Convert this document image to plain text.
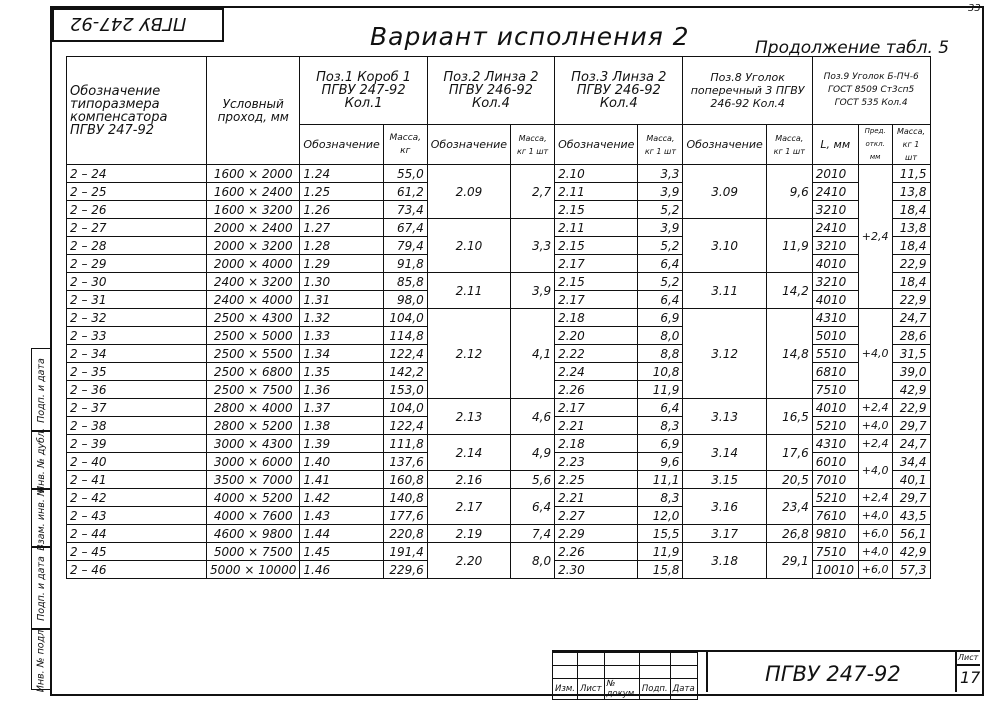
33
ПГВУ 247-92	Вариант исполнения 2	Продолжение табл. 5
Подп. и дата
Инв. № дубл.
Взам. инв. №
Подп. и дата
Инв. № подл.
Обозначение типоразмера компенсатора ПГВУ 247-92	Условный проход, мм	Поз.1 Короб 1 ПГВУ 247-92 Кол.1		Поз.2 Линза 2 ПГВУ 246-92 Кол.4		Поз.3 Линза 2 ПГВУ 246-92 Кол.4		Поз.8 Уголок поперечный 3 ПГВУ 246-92 Кол.4		Поз.9 Уголок Б-ПЧ-6 ГОСТ 8509 Ст3сп5 ГОСТ 535 Кол.4		
		Обозначение	Масса, кг	Обозначение	Масса, кг 1 шт	Обозначение	Масса, кг 1 шт	Обозначение	Масса, кг 1 шт	L, мм	Пред. откл. мм	Масса, кг 1 шт
2 – 24	1600 × 2000	1.24	55,0	2.09	2,7	2.10	3,3	3.09	9,6	2010	+2,4	11,5
2 – 25	1600 × 2400	1.25	61,2			2.11	3,9			2410		13,8
2 – 26	1600 × 3200	1.26	73,4			2.15	5,2			3210		18,4
2 – 27	2000 × 2400	1.27	67,4	2.10	3,3	2.11	3,9	3.10	11,9	2410		13,8
2 – 28	2000 × 3200	1.28	79,4			2.15	5,2			3210		18,4
2 – 29	2000 × 4000	1.29	91,8			2.17	6,4			4010		22,9
2 – 30	2400 × 3200	1.30	85,8	2.11	3,9	2.15	5,2	3.11	14,2	3210		18,4
2 – 31	2400 × 4000	1.31	98,0			2.17	6,4			4010		22,9
2 – 32	2500 × 4300	1.32	104,0	2.12	4,1	2.18	6,9	3.12	14,8	4310	+4,0	24,7
2 – 33	2500 × 5000	1.33	114,8			2.20	8,0			5010		28,6
2 – 34	2500 × 5500	1.34	122,4			2.22	8,8			5510		31,5
2 – 35	2500 × 6800	1.35	142,2			2.24	10,8			6810		39,0
2 – 36	2500 × 7500	1.36	153,0			2.26	11,9			7510		42,9
2 – 37	2800 × 4000	1.37	104,0	2.13	4,6	2.17	6,4	3.13	16,5	4010	+2,4	22,9
2 – 38	2800 × 5200	1.38	122,4			2.21	8,3			5210	+4,0	29,7
2 – 39	3000 × 4300	1.39	111,8	2.14	4,9	2.18	6,9	3.14	17,6	4310	+2,4	24,7
2 – 40	3000 × 6000	1.40	137,6			2.23	9,6			6010	+4,0	34,4
2 – 41	3500 × 7000	1.41	160,8	2.16	5,6	2.25	11,1	3.15	20,5	7010		40,1
2 – 42	4000 × 5200	1.42	140,8	2.17	6,4	2.21	8,3	3.16	23,4	5210	+2,4	29,7
2 – 43	4000 × 7600	1.43	177,6			2.27	12,0			7610	+4,0	43,5
2 – 44	4600 × 9800	1.44	220,8	2.19	7,4	2.29	15,5	3.17	26,8	9810	+6,0	56,1
2 – 45	5000 × 7500	1.45	191,4	2.20	8,0	2.26	11,9	3.18	29,1	7510	+4,0	42,9
2 – 46	5000 × 10000	1.46	229,6			2.30	15,8			10010	+6,0	57,3

Изм.	Лист	№ докум.	Подп.	Дата
ПГВУ 247-92
Лист
17
